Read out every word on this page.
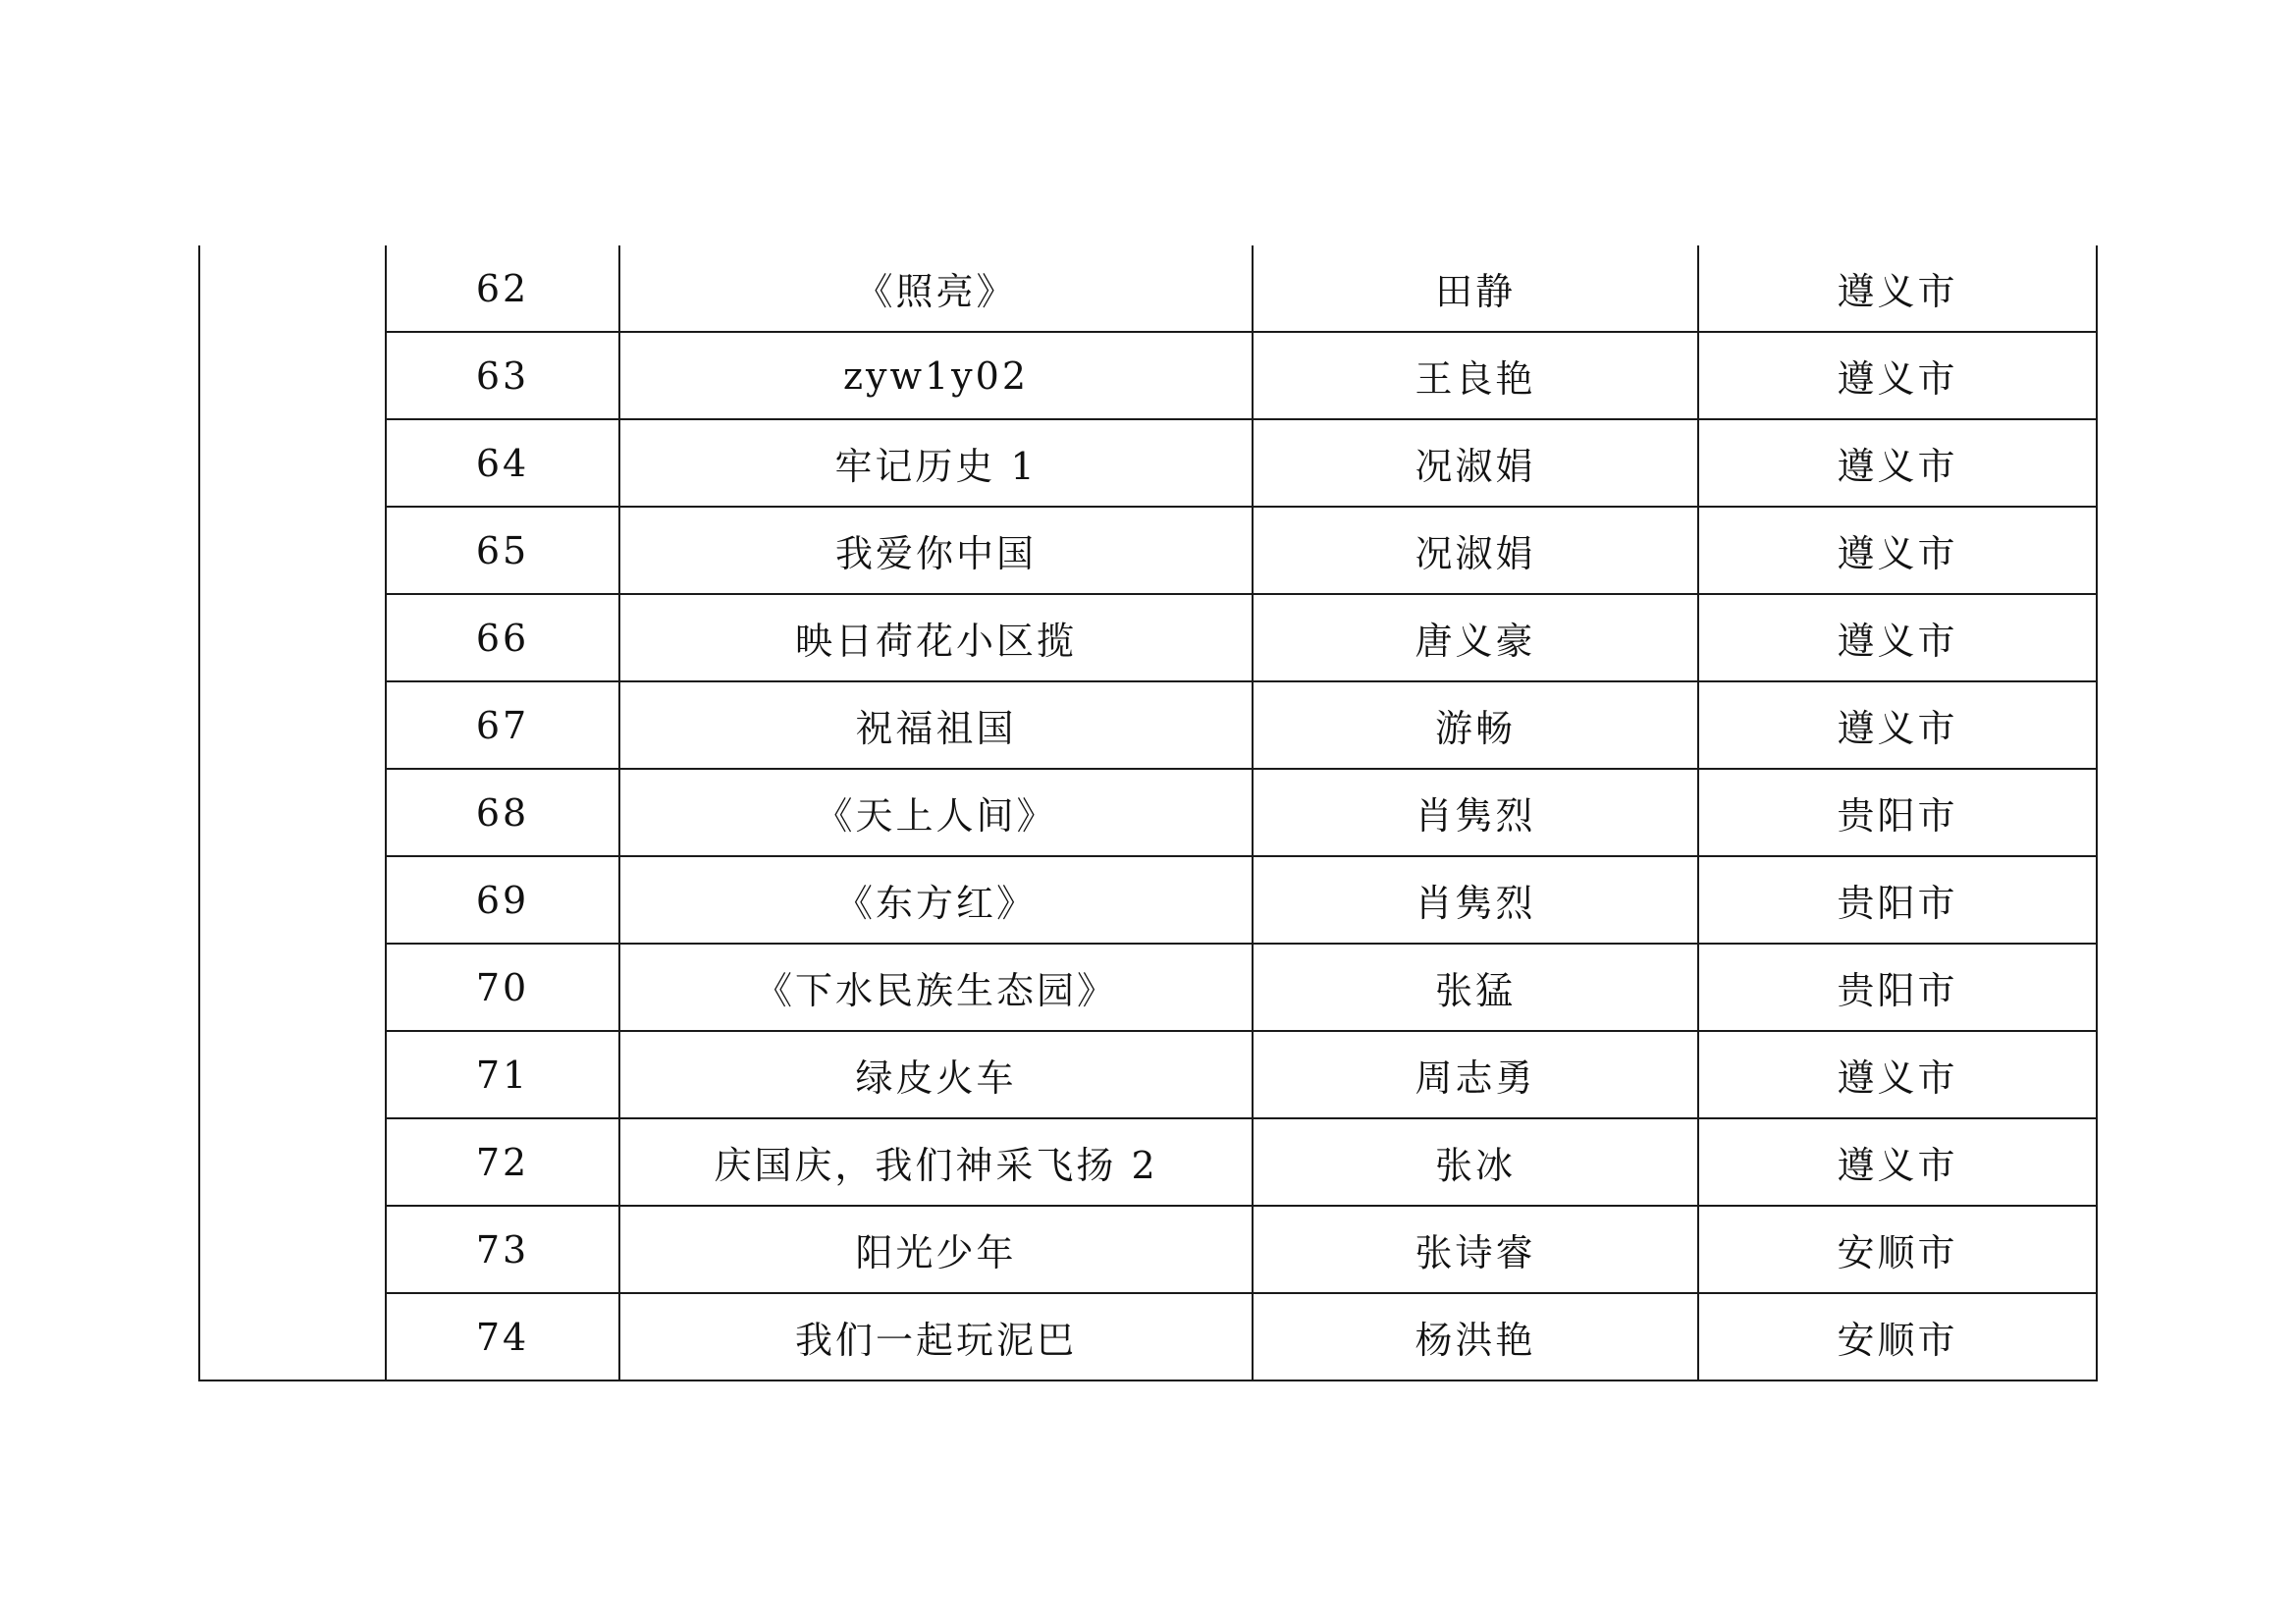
	62	《照亮》	田静	遵义市
	63	zyw1y02	王良艳	遵义市
	64	牢记历史 1	况淑娟	遵义市
	65	我爱你中国	况淑娟	遵义市
	66	映日荷花小区揽	唐义豪	遵义市
	67	祝福祖国	游畅	遵义市
	68	《天上人间》	肖隽烈	贵阳市
	69	《东方红》	肖隽烈	贵阳市
	70	《下水民族生态园》	张猛	贵阳市
	71	绿皮火车	周志勇	遵义市
	72	庆国庆，我们神采飞扬 2	张冰	遵义市
	73	阳光少年	张诗睿	安顺市
	74	我们一起玩泥巴	杨洪艳	安顺市
